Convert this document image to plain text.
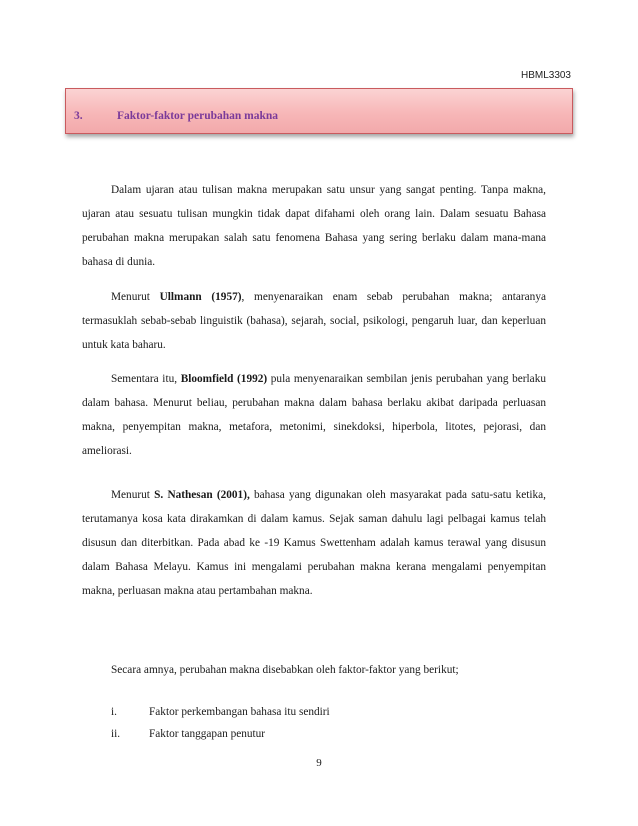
HBML3303
3.	Faktor-faktor perubahan makna

Dalam ujaran atau tulisan makna merupakan satu unsur yang sangat penting. Tanpa makna, ujaran atau sesuatu tulisan mungkin tidak dapat difahami oleh orang lain. Dalam sesuatu Bahasa perubahan makna merupakan salah satu fenomena Bahasa yang sering berlaku dalam mana-mana bahasa di dunia.

Menurut Ullmann (1957), menyenaraikan enam sebab perubahan makna; antaranya termasuklah sebab-sebab linguistik (bahasa), sejarah, social, psikologi, pengaruh luar, dan keperluan untuk kata baharu.

Sementara itu, Bloomfield (1992) pula menyenaraikan sembilan jenis perubahan yang berlaku dalam bahasa. Menurut beliau, perubahan makna dalam bahasa berlaku akibat daripada perluasan makna, penyempitan makna, metafora, metonimi, sinekdoksi, hiperbola, litotes, pejorasi, dan ameliorasi.

Menurut S. Nathesan (2001), bahasa yang digunakan oleh masyarakat pada satu-satu ketika, terutamanya kosa kata dirakamkan di dalam kamus. Sejak saman dahulu lagi pelbagai kamus telah disusun dan diterbitkan. Pada abad ke -19 Kamus Swettenham adalah kamus terawal yang disusun dalam Bahasa Melayu. Kamus ini mengalami perubahan makna kerana mengalami penyempitan makna, perluasan makna atau pertambahan makna.

Secara amnya, perubahan makna disebabkan oleh faktor-faktor yang berikut;

i.	Faktor perkembangan bahasa itu sendiri
ii.	Faktor tanggapan penutur
9
